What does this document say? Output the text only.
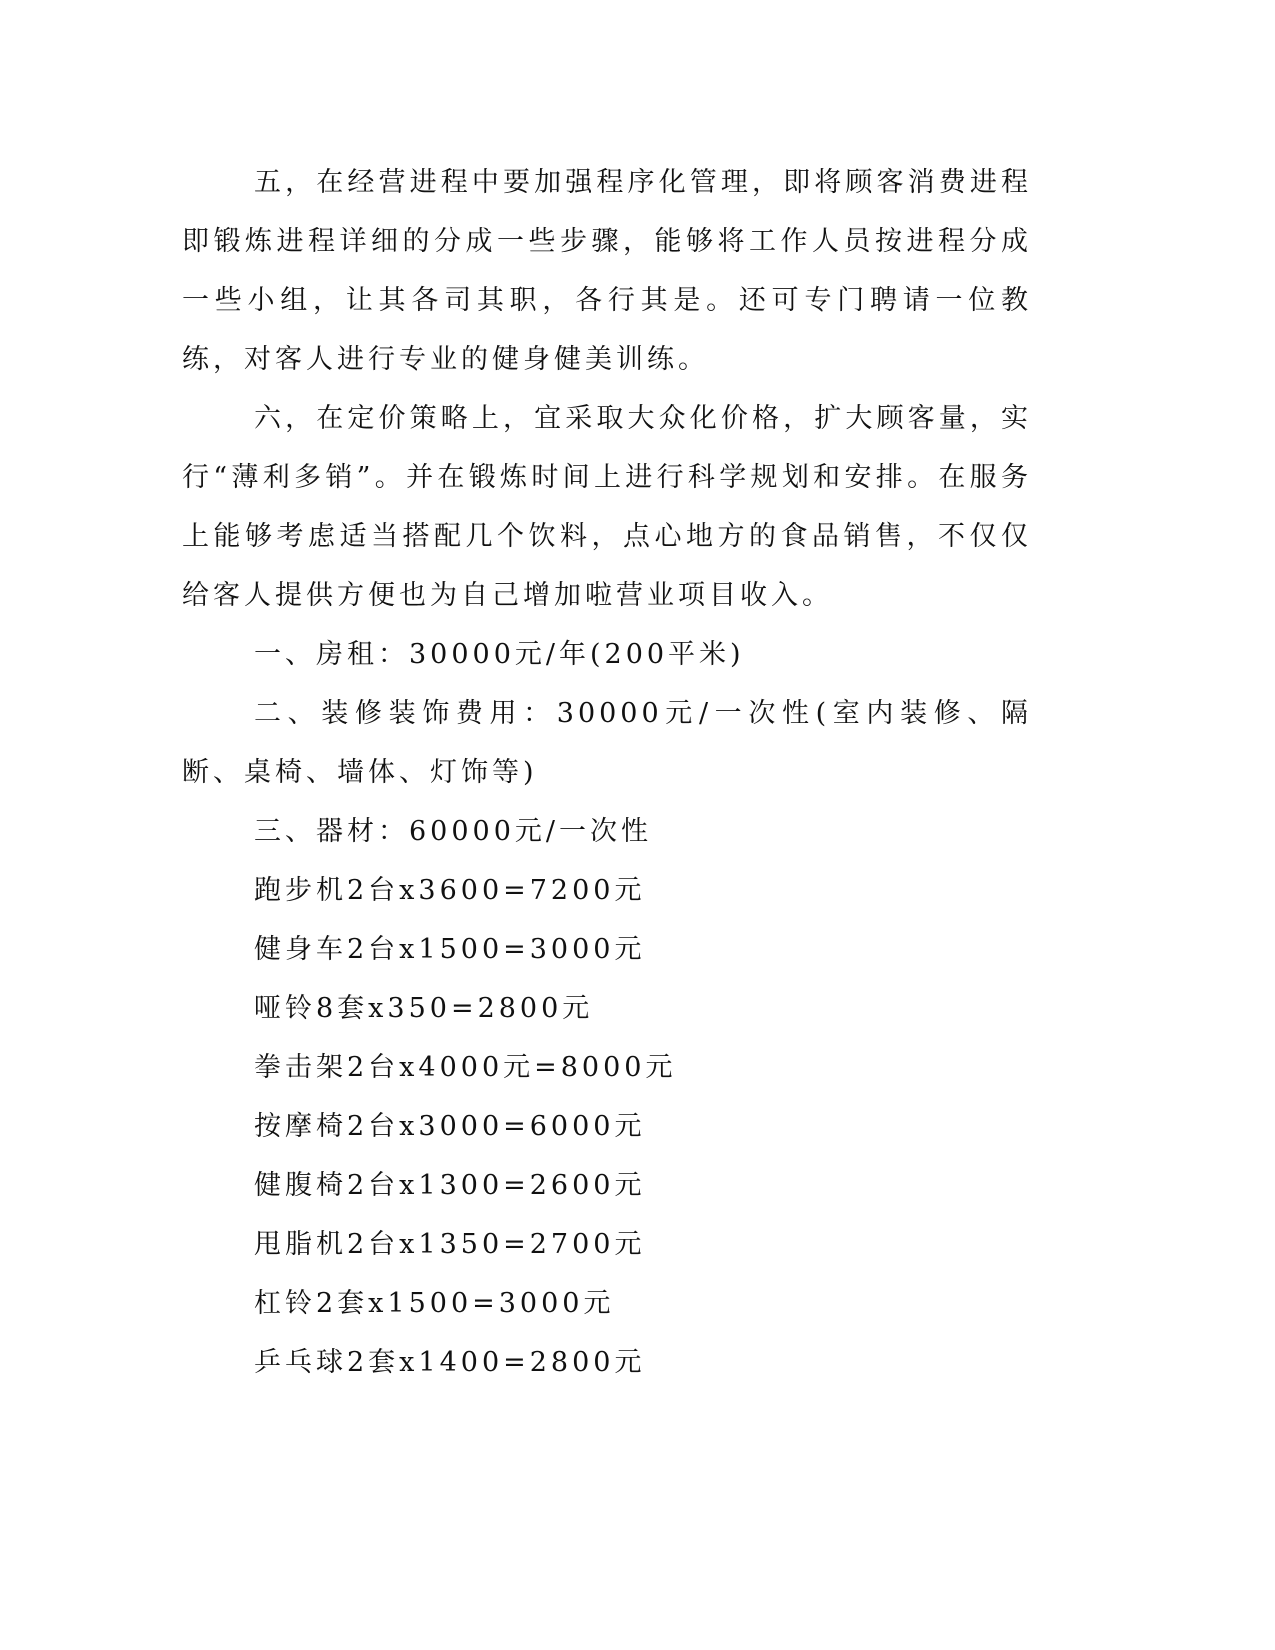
五，在经营进程中要加强程序化管理，即将顾客消费进程即锻炼进程详细的分成一些步骤，能够将工作人员按进程分成一些小组，让其各司其职，各行其是。还可专门聘请一位教练，对客人进行专业的健身健美训练。

六，在定价策略上，宜采取大众化价格，扩大顾客量，实行“薄利多销”。并在锻炼时间上进行科学规划和安排。在服务上能够考虑适当搭配几个饮料，点心地方的食品销售，不仅仅给客人提供方便也为自己增加啦营业项目收入。

一、房租：30000元/年(200平米)

二、装修装饰费用：30000元/一次性(室内装修、隔断、桌椅、墙体、灯饰等)

三、器材：60000元/一次性

跑步机2台x3600=7200元

健身车2台x1500=3000元

哑铃8套x350=2800元

拳击架2台x4000元=8000元

按摩椅2台x3000=6000元

健腹椅2台x1300=2600元

甩脂机2台x1350=2700元

杠铃2套x1500=3000元

乒乓球2套x1400=2800元
